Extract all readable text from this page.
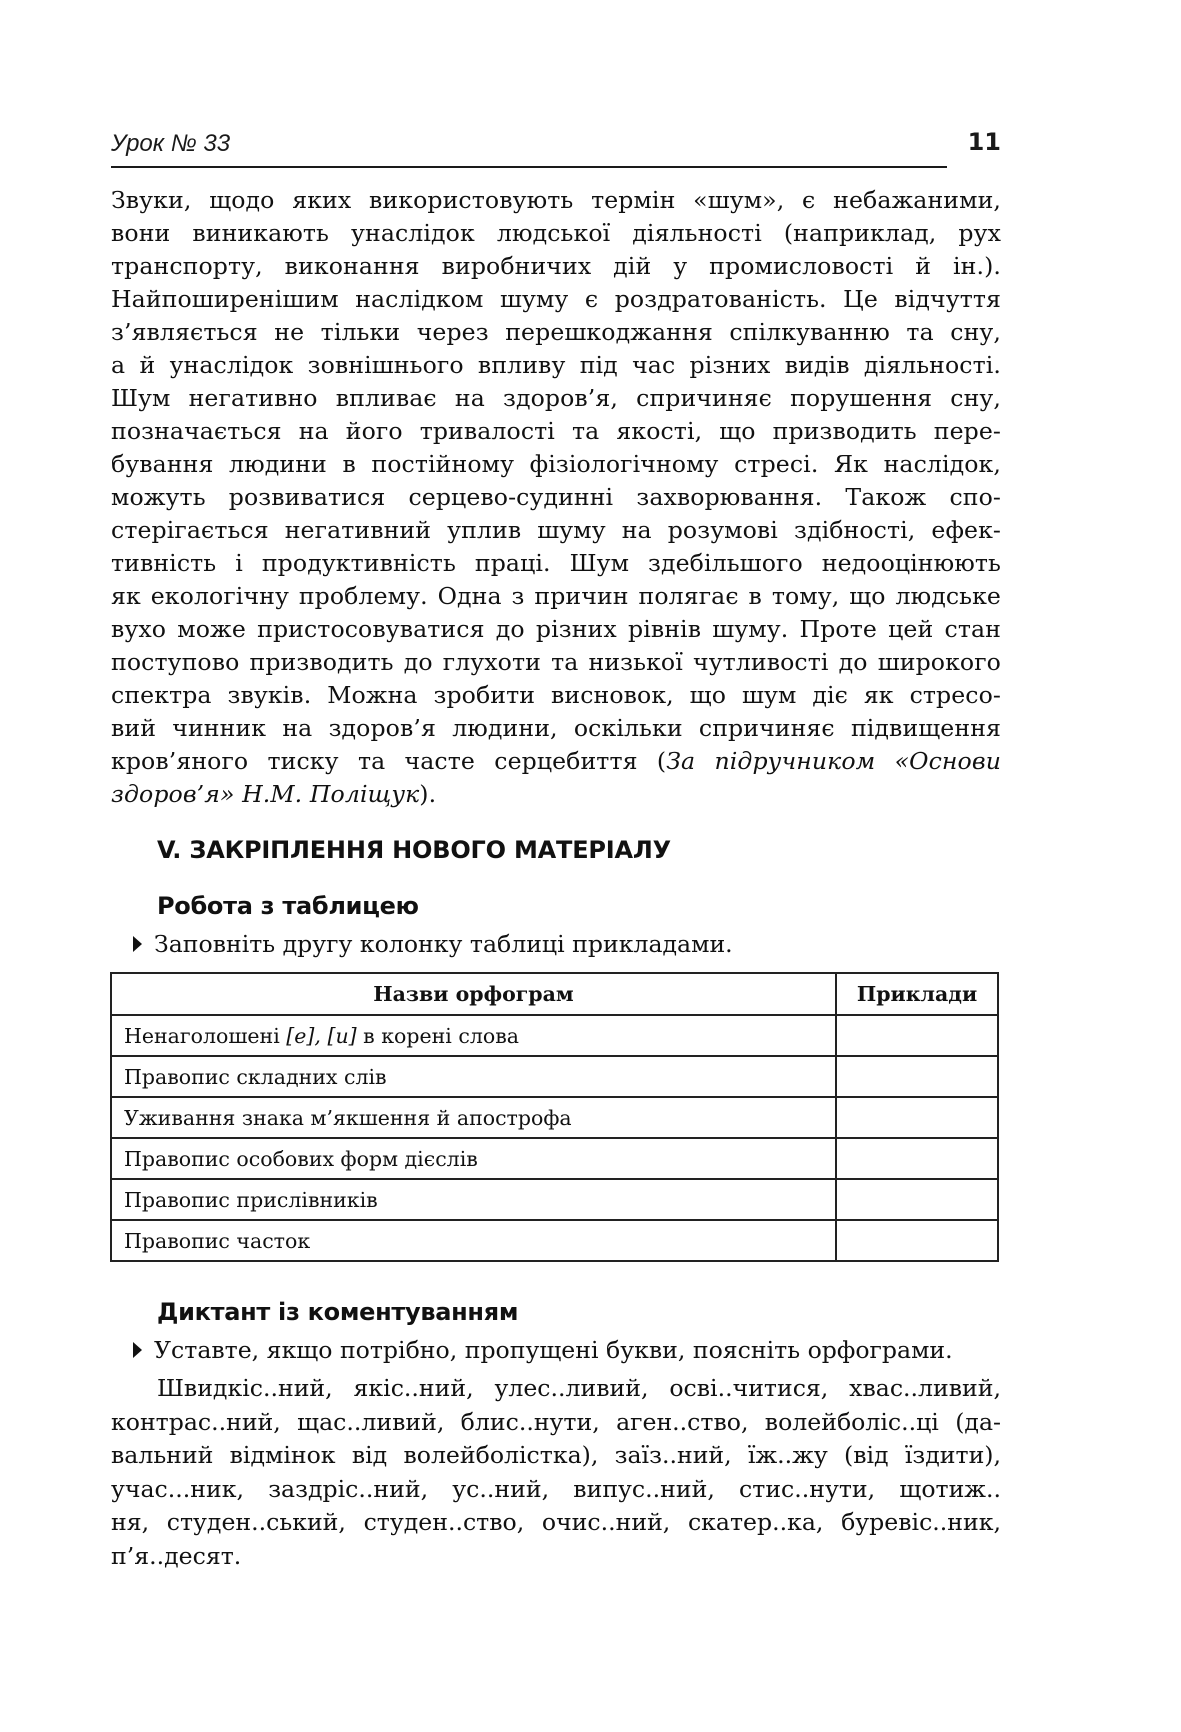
Урок № 33	11
Звуки, щодо яких використовують термін «шум», є небажаними,
вони виникають унаслідок людської діяльності (наприклад, рух
транспорту, виконання виробничих дій у промисловості й ін.).
Найпоширенішим наслідком шуму є роздратованість. Це відчуття
з’являється не тільки через перешкоджання спілкуванню та сну,
а й унаслідок зовнішнього впливу під час різних видів діяльності.
Шум негативно впливає на здоров’я, спричиняє порушення сну,
позначається на його тривалості та якості, що призводить пере-
бування людини в постійному фізіологічному стресі. Як наслідок,
можуть розвиватися серцево-судинні захворювання. Також спо-
стерігається негативний уплив шуму на розумові здібності, ефек-
тивність і продуктивність праці. Шум здебільшого недооцінюють
як екологічну проблему. Одна з причин полягає в тому, що людське
вухо може пристосовуватися до різних рівнів шуму. Проте цей стан
поступово призводить до глухоти та низької чутливості до широкого
спектра звуків. Можна зробити висновок, що шум діє як стресо-
вий чинник на здоров’я людини, оскільки спричиняє підвищення
кров’яного тиску та часте серцебиття (За підручником «Основи
здоров’я» Н.М. Поліщук).
V. ЗАКРІПЛЕННЯ НОВОГО МАТЕРІАЛУ
Робота з таблицею
Заповніть другу колонку таблиці прикладами.
Назви орфограм	Приклади
Ненаголошені [е], [и] в корені слова	
Правопис складних слів	
Уживання знака м’якшення й апострофа	
Правопис особових форм дієслів	
Правопис прислівників	
Правопис часток	
Диктант із коментуванням
Уставте, якщо потрібно, пропущені букви, поясніть орфограми.
Швидкіс..ний, якіс..ний, улес..ливий, осві..читися, хвас..ливий,
контрас..ний, щас..ливий, блис..нути, аген..ство, волейболіс..ці (да-
вальний відмінок від волейболістка), заїз..ний, їж..жу (від їздити),
учас...ник, заздріс..ний, ус..ний, випус..ний, стис..нути, щотиж..
ня, студен..ський, студен..ство, очис..ний, скатер..ка, буревіс..ник,
п’я..десят.
